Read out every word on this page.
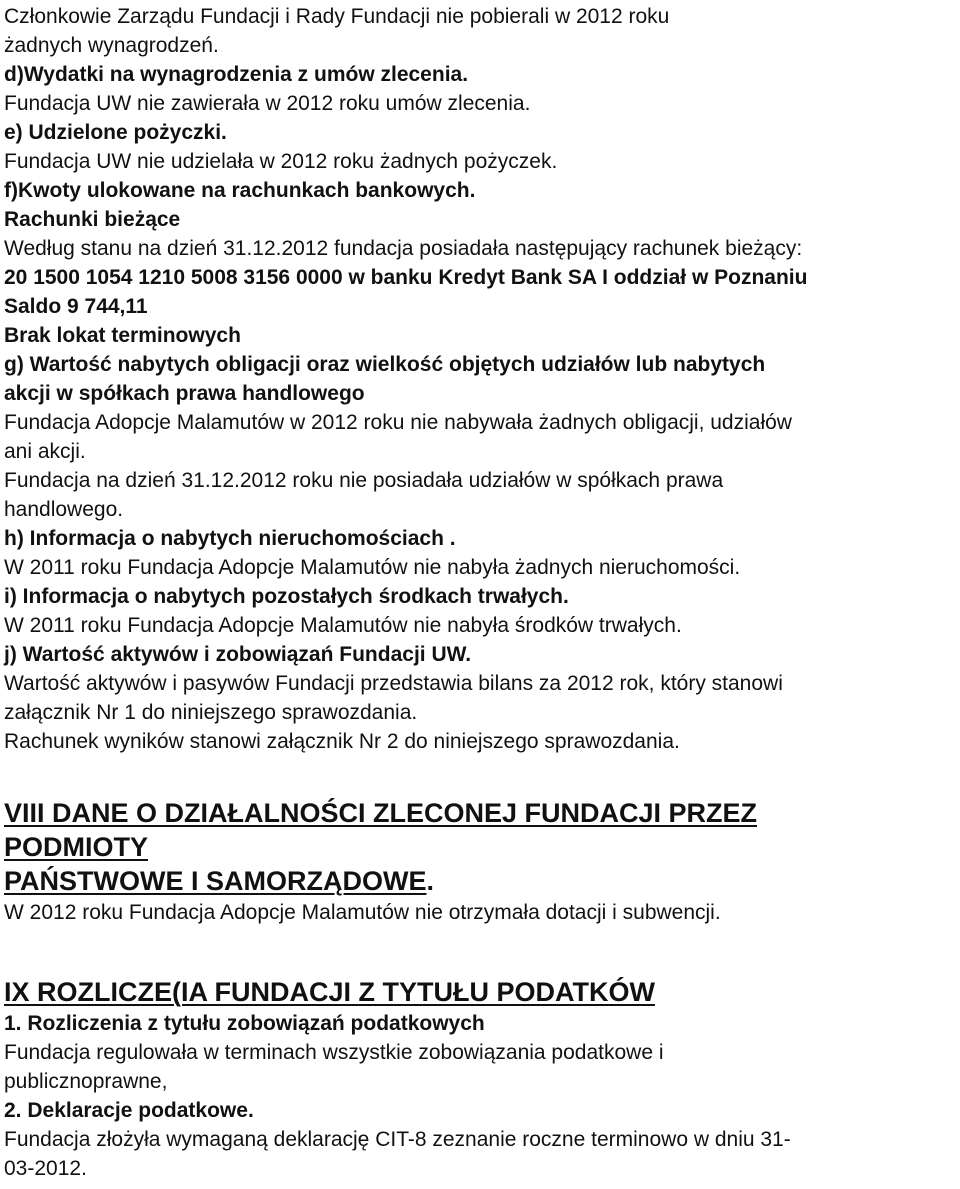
Członkowie Zarządu Fundacji i Rady Fundacji nie pobierali w 2012 roku
żadnych wynagrodzeń.
d)Wydatki na wynagrodzenia z umów zlecenia.
Fundacja UW nie zawierała w 2012 roku umów zlecenia.
e) Udzielone pożyczki.
Fundacja UW nie udzielała w 2012 roku żadnych pożyczek.
f)Kwoty ulokowane na rachunkach bankowych.
Rachunki bieżące
Według stanu na dzień 31.12.2012 fundacja posiadała następujący rachunek bieżący:
20 1500 1054 1210 5008 3156 0000 w banku Kredyt Bank SA I oddział w Poznaniu
Saldo 9 744,11
Brak lokat terminowych
g) Wartość nabytych obligacji oraz wielkość objętych udziałów lub nabytych
akcji w spółkach prawa handlowego
Fundacja Adopcje Malamutów w 2012 roku nie nabywała żadnych obligacji, udziałów
ani akcji.
Fundacja na dzień 31.12.2012 roku nie posiadała udziałów w spółkach prawa
handlowego.
h) Informacja o nabytych nieruchomościach .
W 2011 roku Fundacja Adopcje Malamutów nie nabyła żadnych nieruchomości.
i) Informacja o nabytych pozostałych środkach trwałych.
W 2011 roku Fundacja Adopcje Malamutów nie nabyła środków trwałych.
j) Wartość aktywów i zobowiązań Fundacji UW.
Wartość aktywów i pasywów Fundacji przedstawia bilans za 2012 rok, który stanowi
załącznik Nr 1 do niniejszego sprawozdania.
Rachunek wyników stanowi załącznik Nr 2 do niniejszego sprawozdania.
VIII DANE O DZIAŁALNOŚCI ZLECONEJ FUNDACJI PRZEZ
PODMIOTY
PAŃSTWOWE I SAMORZĄDOWE.
W 2012 roku Fundacja Adopcje Malamutów nie otrzymała dotacji i subwencji.
IX ROZLICZE(IA FUNDACJI Z TYTUŁU PODATKÓW
1. Rozliczenia z tytułu zobowiązań podatkowych
Fundacja regulowała w terminach wszystkie zobowiązania podatkowe i
publicznoprawne,
2. Deklaracje podatkowe.
Fundacja złożyła wymaganą deklarację CIT-8 zeznanie roczne terminowo w dniu 31-
03-2012.
